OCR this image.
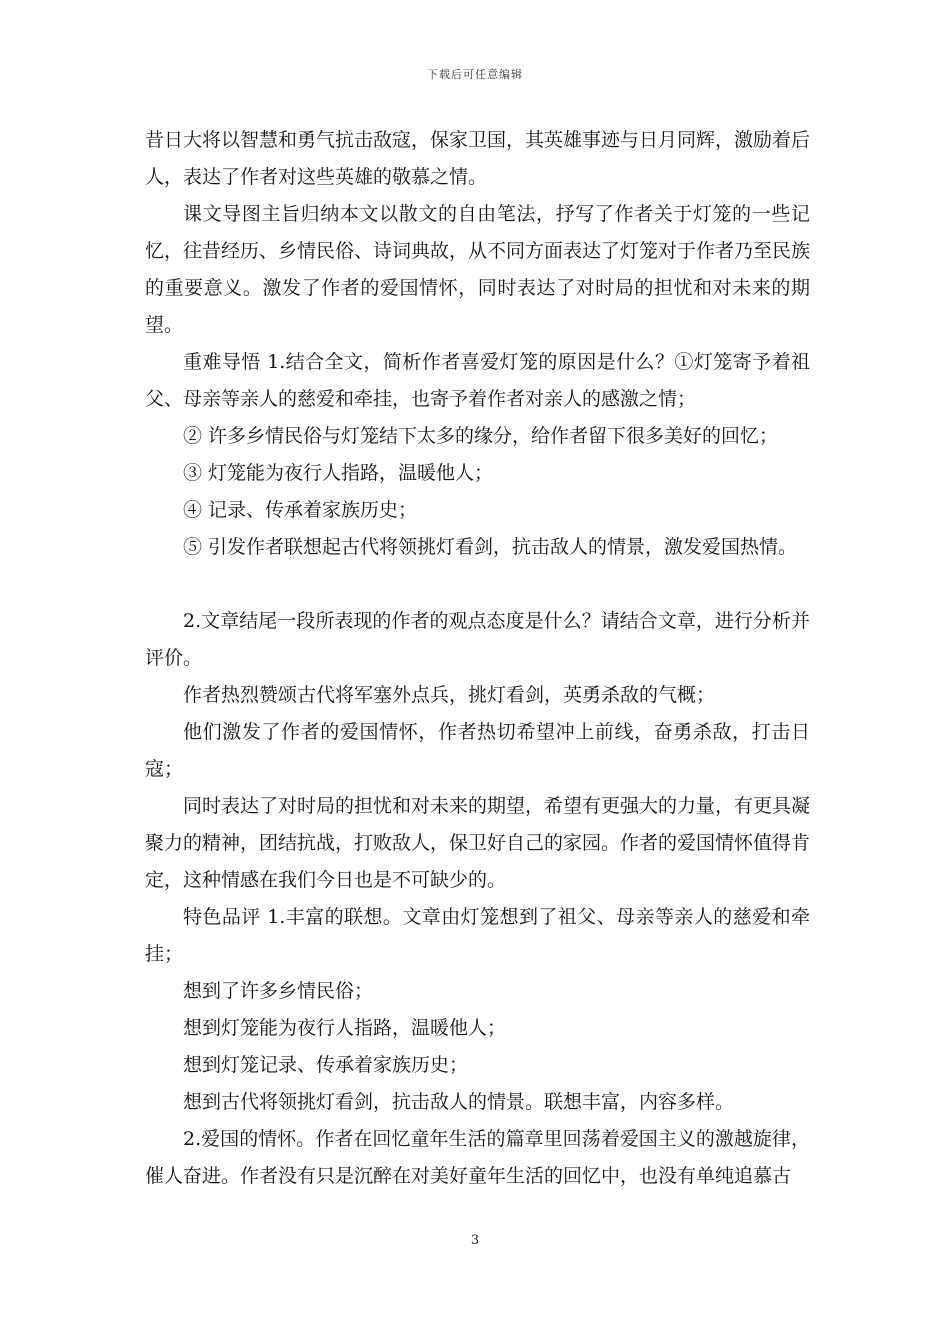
下载后可任意编辑

昔日大将以智慧和勇气抗击敌寇，保家卫国，其英雄事迹与日月同辉，激励着后人，表达了作者对这些英雄的敬慕之情。

课文导图主旨归纳本文以散文的自由笔法，抒写了作者关于灯笼的一些记忆，往昔经历、乡情民俗、诗词典故，从不同方面表达了灯笼对于作者乃至民族的重要意义。激发了作者的爱国情怀，同时表达了对时局的担忧和对未来的期望。

重难导悟 1.结合全文，简析作者喜爱灯笼的原因是什么？①灯笼寄予着祖父、母亲等亲人的慈爱和牵挂，也寄予着作者对亲人的感激之情；

② 许多乡情民俗与灯笼结下太多的缘分，给作者留下很多美好的回忆；

③ 灯笼能为夜行人指路，温暖他人；

④ 记录、传承着家族历史；

⑤ 引发作者联想起古代将领挑灯看剑，抗击敌人的情景，激发爱国热情。

2.文章结尾一段所表现的作者的观点态度是什么？请结合文章，进行分析并评价。

作者热烈赞颂古代将军塞外点兵，挑灯看剑，英勇杀敌的气概；

他们激发了作者的爱国情怀，作者热切希望冲上前线，奋勇杀敌，打击日寇；

同时表达了对时局的担忧和对未来的期望，希望有更强大的力量，有更具凝聚力的精神，团结抗战，打败敌人，保卫好自己的家园。作者的爱国情怀值得肯定，这种情感在我们今日也是不可缺少的。

特色品评 1.丰富的联想。文章由灯笼想到了祖父、母亲等亲人的慈爱和牵挂；

想到了许多乡情民俗；

想到灯笼能为夜行人指路，温暖他人；

想到灯笼记录、传承着家族历史；

想到古代将领挑灯看剑，抗击敌人的情景。联想丰富，内容多样。

2.爱国的情怀。作者在回忆童年生活的篇章里回荡着爱国主义的激越旋律，催人奋进。作者没有只是沉醉在对美好童年生活的回忆中，也没有单纯追慕古

3
